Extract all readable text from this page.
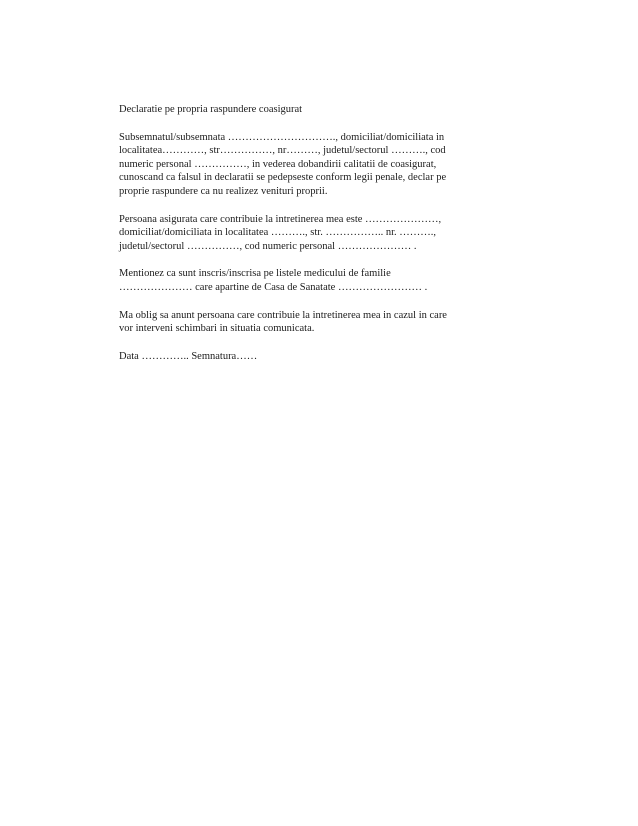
Declaratie pe propria raspundere coasigurat
Subsemnatul/subsemnata …………………………., domiciliat/domiciliata in
localitatea…………, str……………, nr………, judetul/sectorul ………., cod
numeric personal ……………, in vederea dobandirii calitatii de coasigurat,
cunoscand ca falsul in declaratii se pedepseste conform legii penale, declar pe
proprie raspundere ca nu realizez venituri proprii.
Persoana asigurata care contribuie la intretinerea mea este …………………,
domiciliat/domiciliata in localitatea ………., str. …………….. nr. ……….,
judetul/sectorul ……………, cod numeric personal ………………… .
Mentionez ca sunt inscris/inscrisa pe listele medicului de familie
………………… care apartine de Casa de Sanatate …………………… .
Ma oblig sa anunt persoana care contribuie la intretinerea mea in cazul in care
vor interveni schimbari in situatia comunicata.
Data ………….. Semnatura……
